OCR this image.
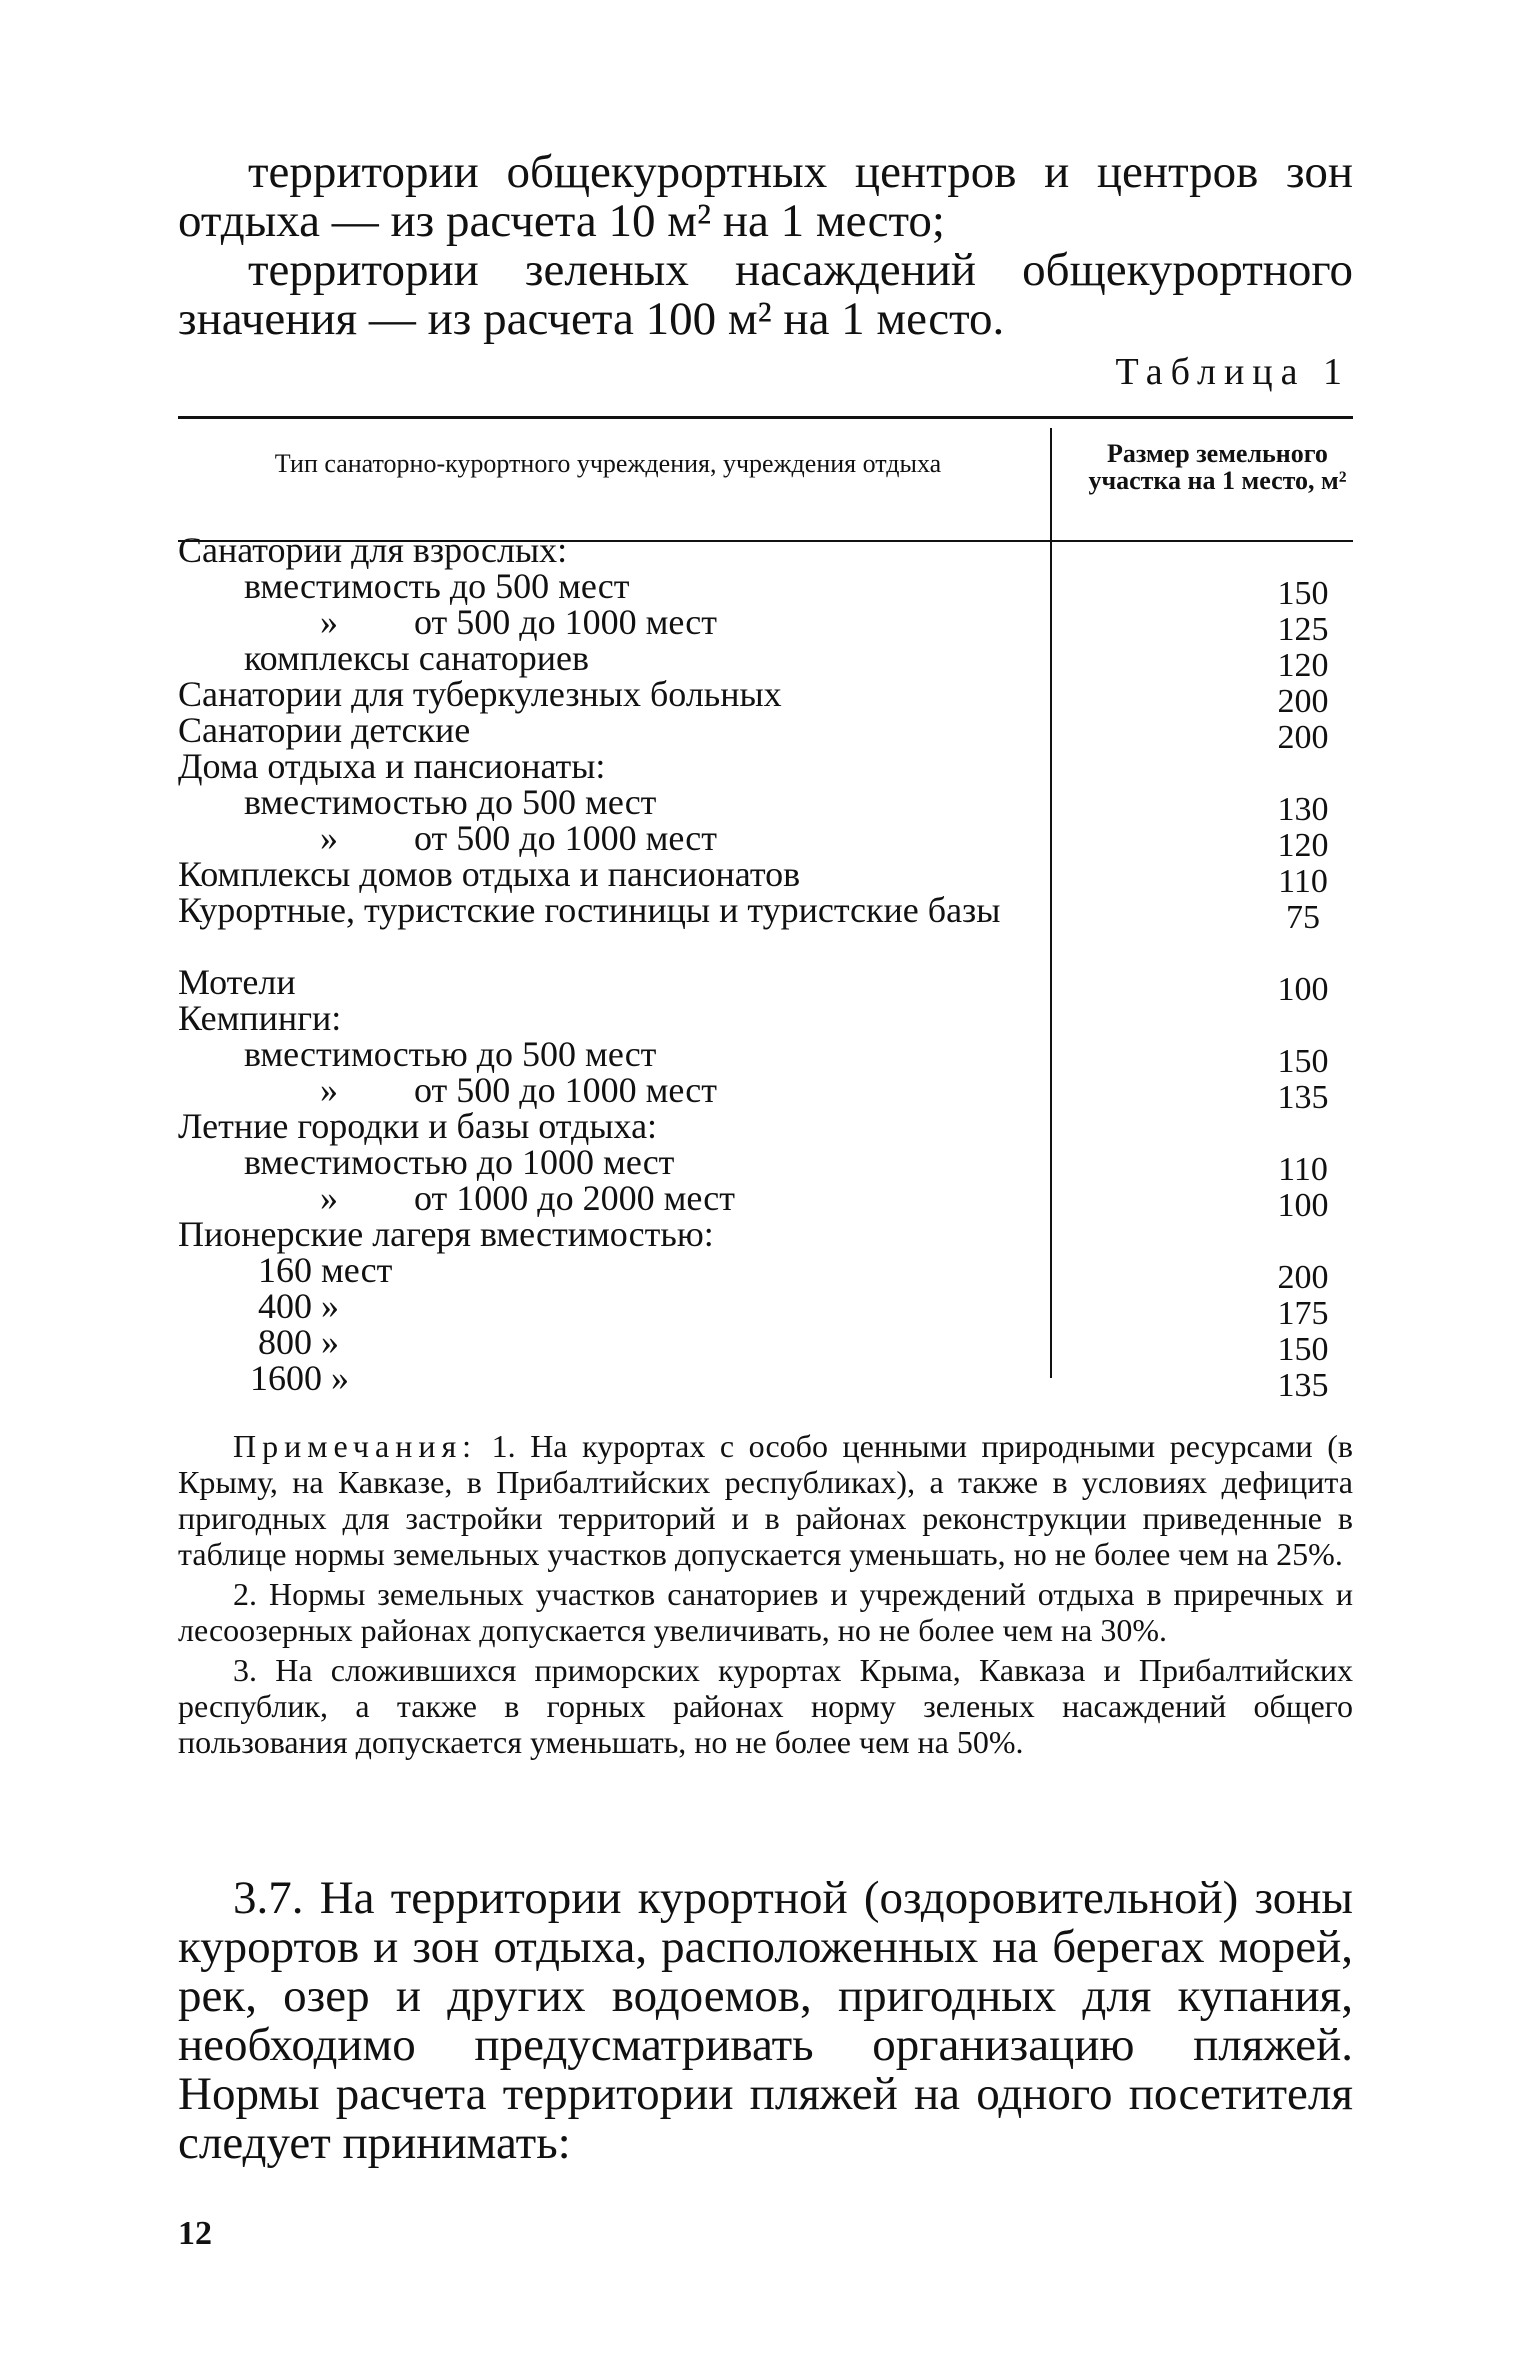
территории общекурортных центров и центров зон отдыха — из расчета 10 м² на 1 место;

территории зеленых насаждений общекурортного значения — из расчета 100 м² на 1 место.

Таблица 1
Тип санаторно-курортного учреждения, учреждения отдыха	Размер земельного участка на 1 место, м²
Санатории для взрослых:
вместимость до 500 мест	150
» от 500 до 1000 мест	125
комплексы санаториев	120
Санатории для туберкулезных больных	200
Санатории детские	200
Дома отдыха и пансионаты:
вместимостью до 500 мест	130
» от 500 до 1000 мест	120
Комплексы домов отдыха и пансионатов	110
Курортные, туристские гостиницы и туристские базы	75
Мотели	100
Кемпинги:
вместимостью до 500 мест	150
» от 500 до 1000 мест	135
Летние городки и базы отдыха:
вместимостью до 1000 мест	110
» от 1000 до 2000 мест	100
Пионерские лагеря вместимостью:
160 мест	200
400 »	175
800 »	150
1600 »	135

Примечания: 1. На курортах с особо ценными природными ресурсами (в Крыму, на Кавказе, в Прибалтийских республиках), а также в условиях дефицита пригодных для застройки территорий и в районах реконструкции приведенные в таблице нормы земельных участков допускается уменьшать, но не более чем на 25%.

2. Нормы земельных участков санаториев и учреждений отдыха в приречных и лесоозерных районах допускается увеличивать, но не более чем на 30%.

3. На сложившихся приморских курортах Крыма, Кавказа и Прибалтийских республик, а также в горных районах норму зеленых насаждений общего пользования допускается уменьшать, но не более чем на 50%.

3.7. На территории курортной (оздоровительной) зоны курортов и зон отдыха, расположенных на берегах морей, рек, озер и других водоемов, пригодных для купания, необходимо предусматривать организацию пляжей. Нормы расчета территории пляжей на одного посетителя следует принимать:

12
